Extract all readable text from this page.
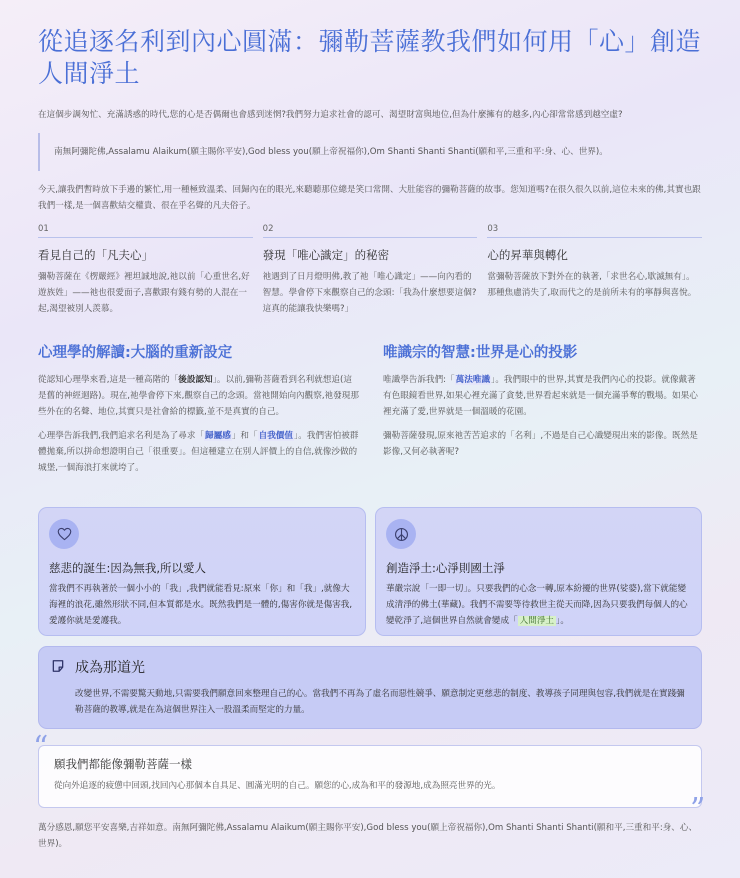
從追逐名利到內心圓滿：彌勒菩薩教我們如何用「心」創造人間淨土

在這個步調匆忙、充滿誘惑的時代,您的心是否偶爾也會感到迷惘?我們努力追求社會的認可、渴望財富與地位,但為什麼擁有的越多,內心卻常常感到越空虛?

南無阿彌陀佛,Assalamu Alaikum(願主賜你平安),God bless you(願上帝祝福你),Om Shanti Shanti Shanti(願和平,三重和平:身、心、世界)。

今天,讓我們暫時放下手邊的繁忙,用一種極致溫柔、回歸內在的眼光,來聽聽那位總是笑口常開、大肚能容的彌勒菩薩的故事。您知道嗎?在很久很久以前,這位未來的佛,其實也跟我們一樣,是一個喜歡結交權貴、很在乎名聲的凡夫俗子。

01
看見自己的「凡夫心」
彌勒菩薩在《楞嚴經》裡坦誠地說,祂以前「心重世名,好遊族姓」——祂也很愛面子,喜歡跟有錢有勢的人混在一起,渴望被別人羨慕。
02
發現「唯心識定」的秘密
祂遇到了日月燈明佛,教了祂「唯心識定」——向內看的智慧。學會停下來觀察自己的念頭:「我為什麼想要這個?這真的能讓我快樂嗎?」
03
心的昇華與轉化
當彌勒菩薩放下對外在的執著,「求世名心,歇滅無有」。那種焦慮消失了,取而代之的是前所未有的寧靜與喜悅。
心理學的解讀:大腦的重新設定

從認知心理學來看,這是一種高階的「後設認知」。以前,彌勒菩薩看到名利就想追(這是舊的神經迴路)。現在,祂學會停下來,觀察自己的念頭。當祂開始向內觀察,祂發現那些外在的名聲、地位,其實只是社會給的標籤,並不是真實的自己。

心理學告訴我們,我們追求名利是為了尋求「歸屬感」和「自我價值」。我們害怕被群體拋棄,所以拼命想證明自己「很重要」。但這種建立在別人評價上的自信,就像沙做的城堡,一個海浪打來就垮了。

唯識宗的智慧:世界是心的投影

唯識學告訴我們:「萬法唯識」。我們眼中的世界,其實是我們內心的投影。就像戴著有色眼鏡看世界,如果心裡充滿了貪婪,世界看起來就是一個充滿爭奪的戰場。如果心裡充滿了愛,世界就是一個溫暖的花園。

彌勒菩薩發現,原來祂苦苦追求的「名利」,不過是自己心識變現出來的影像。既然是影像,又何必執著呢?

慈悲的誕生:因為無我,所以愛人
當我們不再執著於一個小小的「我」,我們就能看見:原來「你」和「我」,就像大海裡的浪花,雖然形狀不同,但本質都是水。既然我們是一體的,傷害你就是傷害我,愛護你就是愛護我。
創造淨土:心淨則國土淨
華嚴宗說「一即一切」。只要我們的心念一轉,原本紛擾的世界(娑婆),當下就能變成清淨的佛土(華藏)。我們不需要等待救世主從天而降,因為只要我們每個人的心變乾淨了,這個世界自然就會變成「 人間淨土 」。
成為那道光
改變世界,不需要驚天動地,只需要我們願意回來整理自己的心。當我們不再為了虛名而惡性競爭、願意制定更慈悲的制度、教導孩子同理與包容,我們就是在實踐彌勒菩薩的教導,就是在為這個世界注入一股溫柔而堅定的力量。
願我們都能像彌勒菩薩一樣
從向外追逐的疲憊中回頭,找回內心那個本自具足、圓滿光明的自己。願您的心,成為和平的發源地,成為照亮世界的光。

萬分感恩,願您平安喜樂,吉祥如意。南無阿彌陀佛,Assalamu Alaikum(願主賜你平安),God bless you(願上帝祝福你),Om Shanti Shanti Shanti(願和平,三重和平:身、心、世界)。

“
”
